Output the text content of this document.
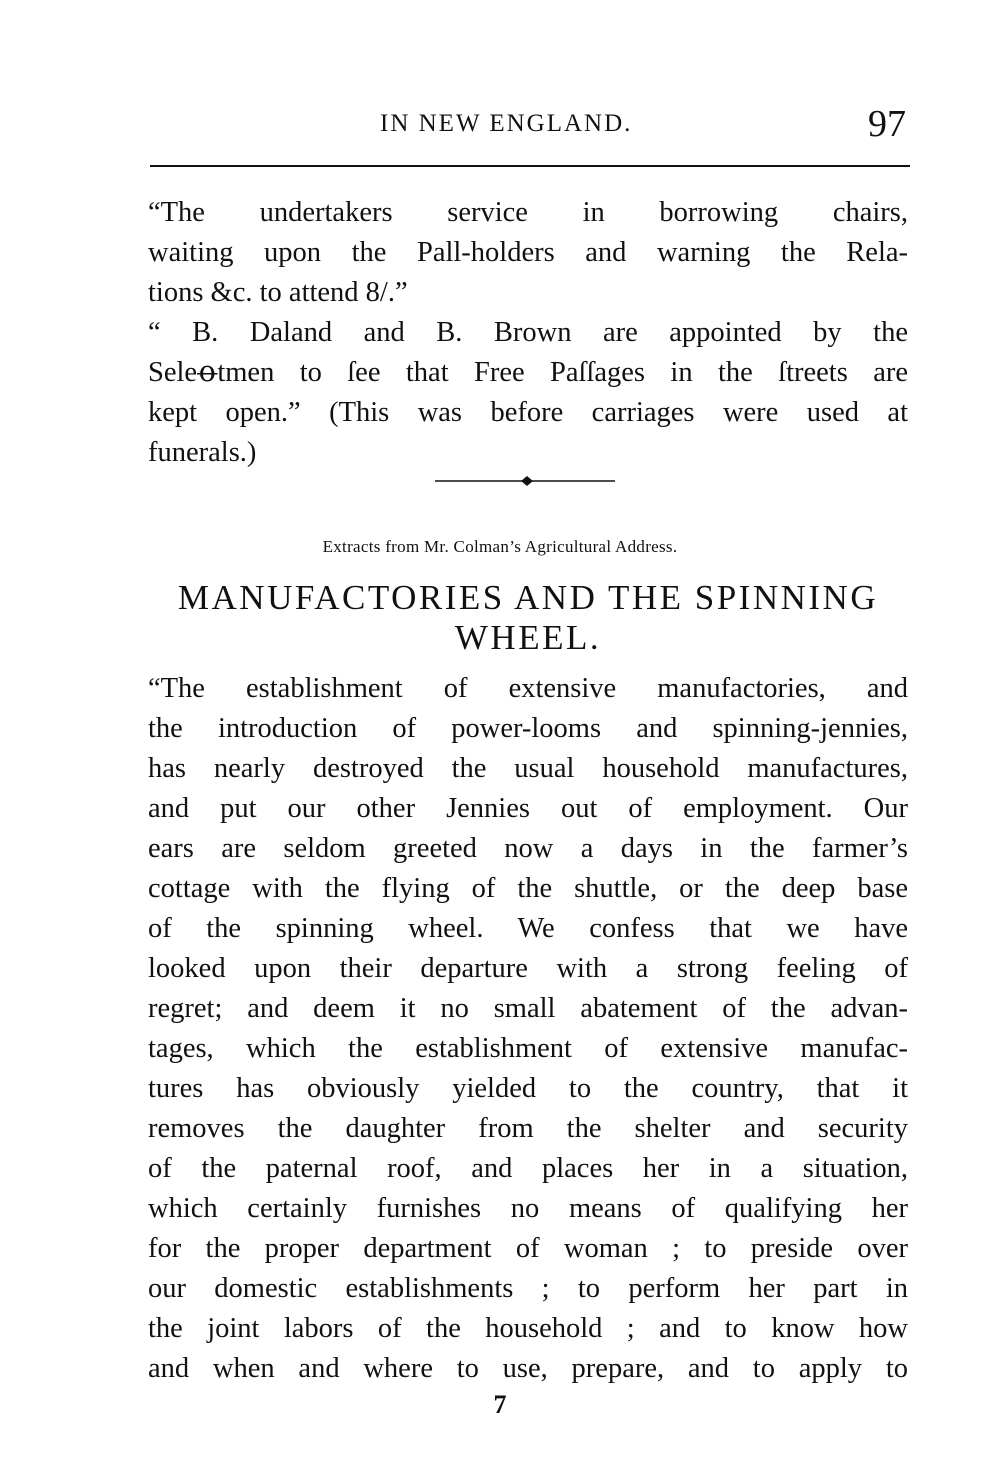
IN NEW ENGLAND.	97

“The undertakers service in borrowing chairs,
waiting upon the Pall-holders and warning the Rela-
tions &c. to attend 8/.”

“ B. Daland and B. Brown are appointed by the
Seleꝋtmen to ſee that Free Paſſages in the ſtreets are
kept open.” (This was before carriages were used at
funerals.)

Extracts from Mr. Colman’s Agricultural Address.
MANUFACTORIES AND THE SPINNING
WHEEL.

“The establishment of extensive manufactories, and
the introduction of power-looms and spinning-jennies,
has nearly destroyed the usual household manufactures,
and put our other Jennies out of employment. Our
ears are seldom greeted now a days in the farmer’s
cottage with the flying of the shuttle, or the deep base
of the spinning wheel. We confess that we have
looked upon their departure with a strong feeling of
regret; and deem it no small abatement of the advan-
tages, which the establishment of extensive manufac-
tures has obviously yielded to the country, that it
removes the daughter from the shelter and security
of the paternal roof, and places her in a situation,
which certainly furnishes no means of qualifying her
for the proper department of woman ; to preside over
our domestic establishments ; to perform her part in
the joint labors of the household ; and to know how
and when and where to use, prepare, and to apply to

7
